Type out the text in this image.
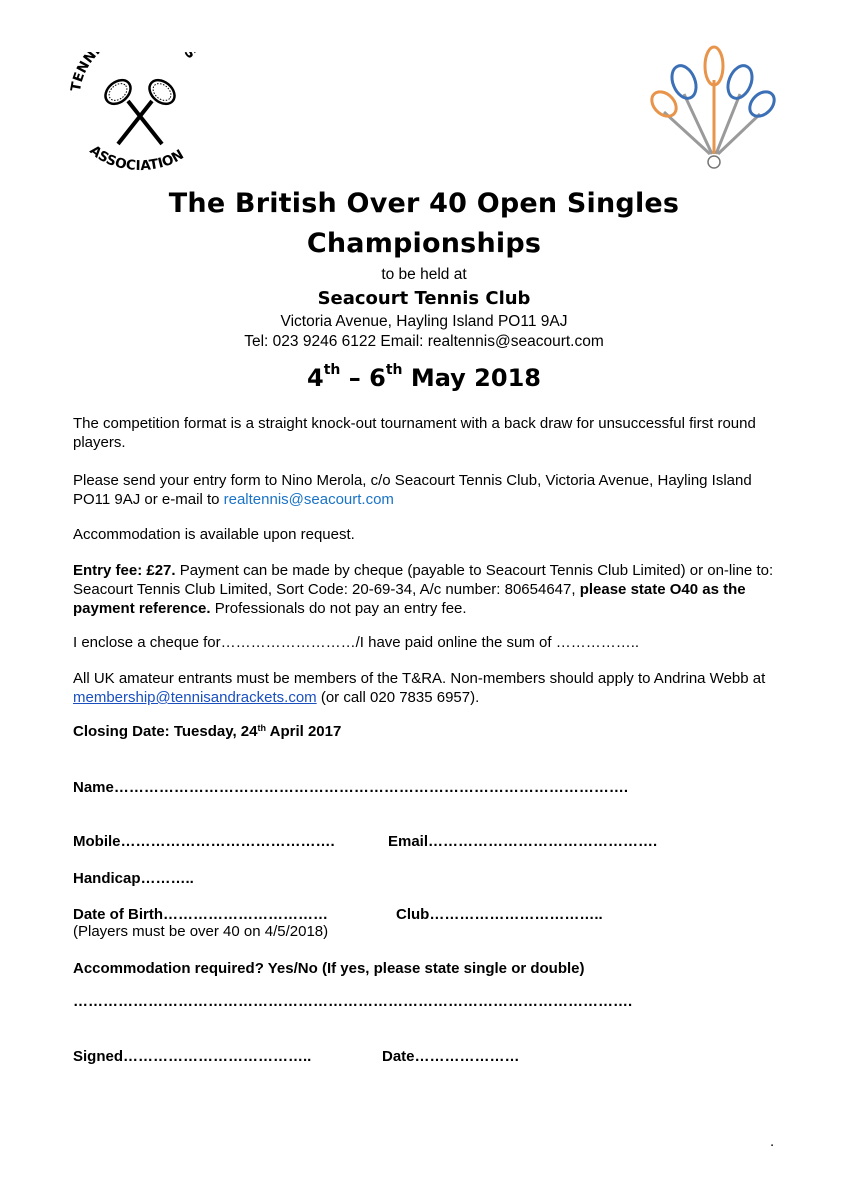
TENN S
ASSOCIATION
The British Over 40 Open Singles
Championships
to be held at
Seacourt Tennis Club
Victoria Avenue, Hayling Island PO11 9AJ
Tel: 023 9246 6122 Email: realtennis@seacourt.com
4th – 6th May 2018
The competition format is a straight knock-out tournament with a back draw for unsuccessful first round players.
Please send your entry form to Nino Merola, c/o Seacourt Tennis Club, Victoria Avenue, Hayling Island PO11 9AJ or e-mail to realtennis@seacourt.com
Accommodation is available upon request.
Entry fee: £27. Payment can be made by cheque (payable to Seacourt Tennis Club Limited) or on-line to: Seacourt Tennis Club Limited, Sort Code: 20-69-34, A/c number: 80654647, please state O40 as the payment reference. Professionals do not pay an entry fee.
I enclose a cheque for………………………/I have paid online the sum of ……………..
All UK amateur entrants must be members of the T&RA. Non-members should apply to Andrina Webb at membership@tennisandrackets.com (or call 020 7835 6957).
Closing Date: Tuesday, 24th April 2017
Name………………………………………………………………………………………….
Mobile…………………………………….	Email……………………………………….
Handicap………..
Date of Birth……………………………	Club……………………………..
(Players must be over 40 on 4/5/2018)
Accommodation required? Yes/No (If yes, please state single or double)
………………………………………………………………………………………………….
Signed………………………………..	Date…………………
.
